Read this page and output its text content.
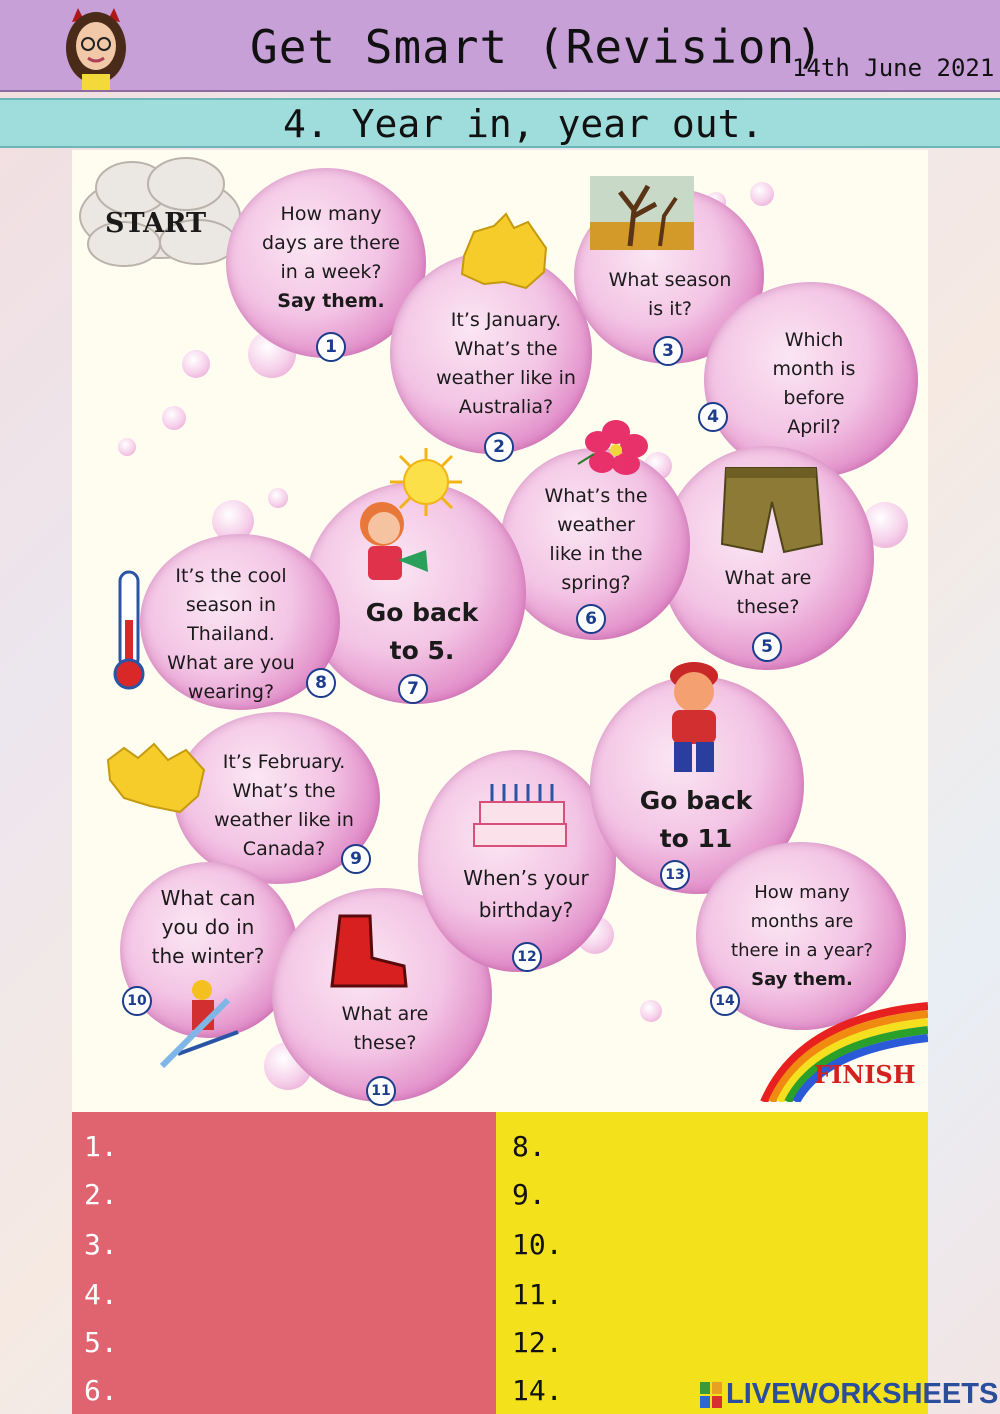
Get Smart (Revision)
14th June 2021
4. Year in, year out.
START
FINISH
How many
days are there
in a week?
Say them.
It’s January.
What’s the
weather like in
Australia?
What season
is it?
Which
month is
before
April?
What are
these?
What’s the
weather
like in the
spring?
Go back
to 5.
It’s the cool
season in
Thailand.
What are you
wearing?
It’s February.
What’s the
weather like in
Canada?
What can
you do in
the winter?
What are
these?
When’s your
birthday?
Go back
to 11
How many
months are
there in a year?
Say them.
1
2
3
4
5
6
7
8
9
10
11
12
13
14
1.
2.
3.
4.
5.
6.
8.
9.
10.
11.
12.
14.	LIVEWORKSHEETS
